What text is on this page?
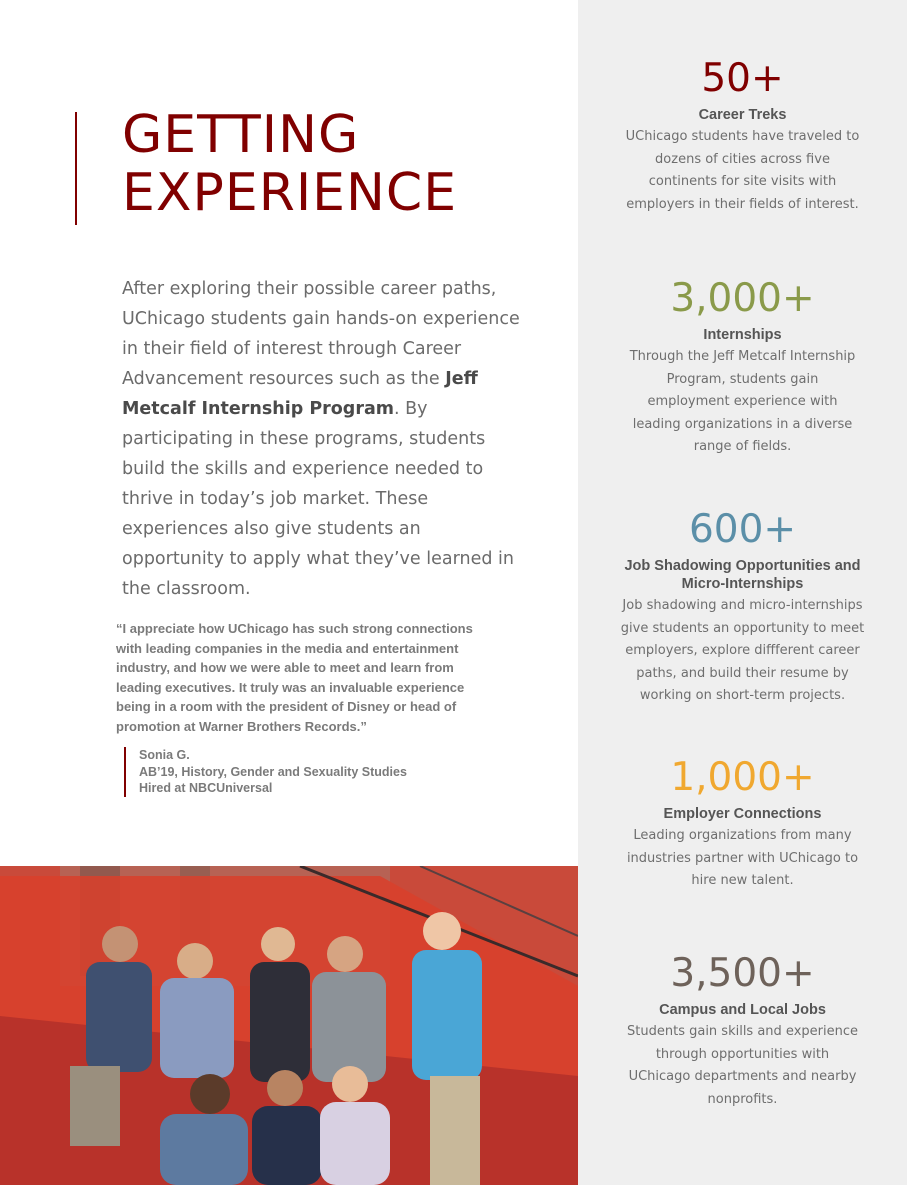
GETTING
EXPERIENCE

After exploring their possible career paths, UChicago students gain hands-on experience in their field of interest through Career Advancement resources such as the Jeff Metcalf Internship Program. By participating in these programs, students build the skills and experience needed to thrive in today’s job market. These experiences also give students an opportunity to apply what they’ve learned in the classroom.

“I appreciate how UChicago has such strong connections with leading companies in the media and entertainment industry, and how we were able to meet and learn from leading executives. It truly was an invaluable experience being in a room with the president of Disney or head of promotion at Warner Brothers Records.”

Sonia G.
AB’19, History, Gender and Sexuality Studies
Hired at NBCUniversal
50+
Career Treks
UChicago students have traveled to dozens of cities across five continents for site visits with employers in their fields of interest.
3,000+
Internships
Through the Jeff Metcalf Internship Program, students gain employment experience with leading organizations in a diverse range of fields.
600+
Job Shadowing Opportunities and Micro-Internships
Job shadowing and micro-internships give students an opportunity to meet employers, explore diffferent career paths, and build their resume by working on short-term projects.
1,000+
Employer Connections
Leading organizations from many industries partner with UChicago to hire new talent.
3,500+
Campus and Local Jobs
Students gain skills and experience through opportunities with UChicago departments and nearby nonprofits.
